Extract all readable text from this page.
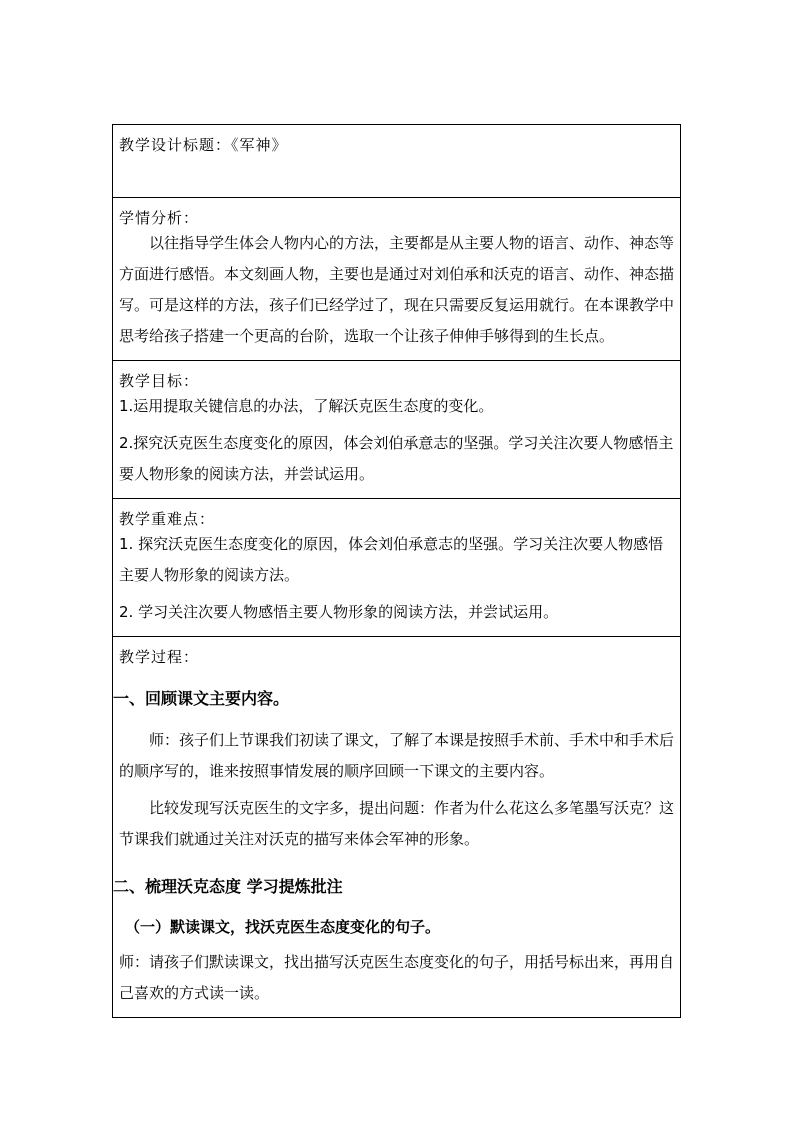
教学设计标题：《军神》

学情分析：
以往指导学生体会人物内心的方法，主要都是从主要人物的语言、动作、神态等方面进行感悟。本文刻画人物，主要也是通过对刘伯承和沃克的语言、动作、神态描写。可是这样的方法，孩子们已经学过了，现在只需要反复运用就行。在本课教学中思考给孩子搭建一个更高的台阶，选取一个让孩子伸伸手够得到的生长点。

教学目标：
1.运用提取关键信息的办法，了解沃克医生态度的变化。
2.探究沃克医生态度变化的原因，体会刘伯承意志的坚强。学习关注次要人物感悟主要人物形象的阅读方法，并尝试运用。

教学重难点：
1. 探究沃克医生态度变化的原因，体会刘伯承意志的坚强。学习关注次要人物感悟主要人物形象的阅读方法。
2. 学习关注次要人物感悟主要人物形象的阅读方法，并尝试运用。

教学过程：
一、回顾课文主要内容。
师：孩子们上节课我们初读了课文，了解了本课是按照手术前、手术中和手术后的顺序写的，谁来按照事情发展的顺序回顾一下课文的主要内容。
比较发现写沃克医生的文字多，提出问题：作者为什么花这么多笔墨写沃克？这节课我们就通过关注对沃克的描写来体会军神的形象。
二、梳理沃克态度 学习提炼批注
（一）默读课文，找沃克医生态度变化的句子。
师：请孩子们默读课文，找出描写沃克医生态度变化的句子，用括号标出来，再用自己喜欢的方式读一读。
